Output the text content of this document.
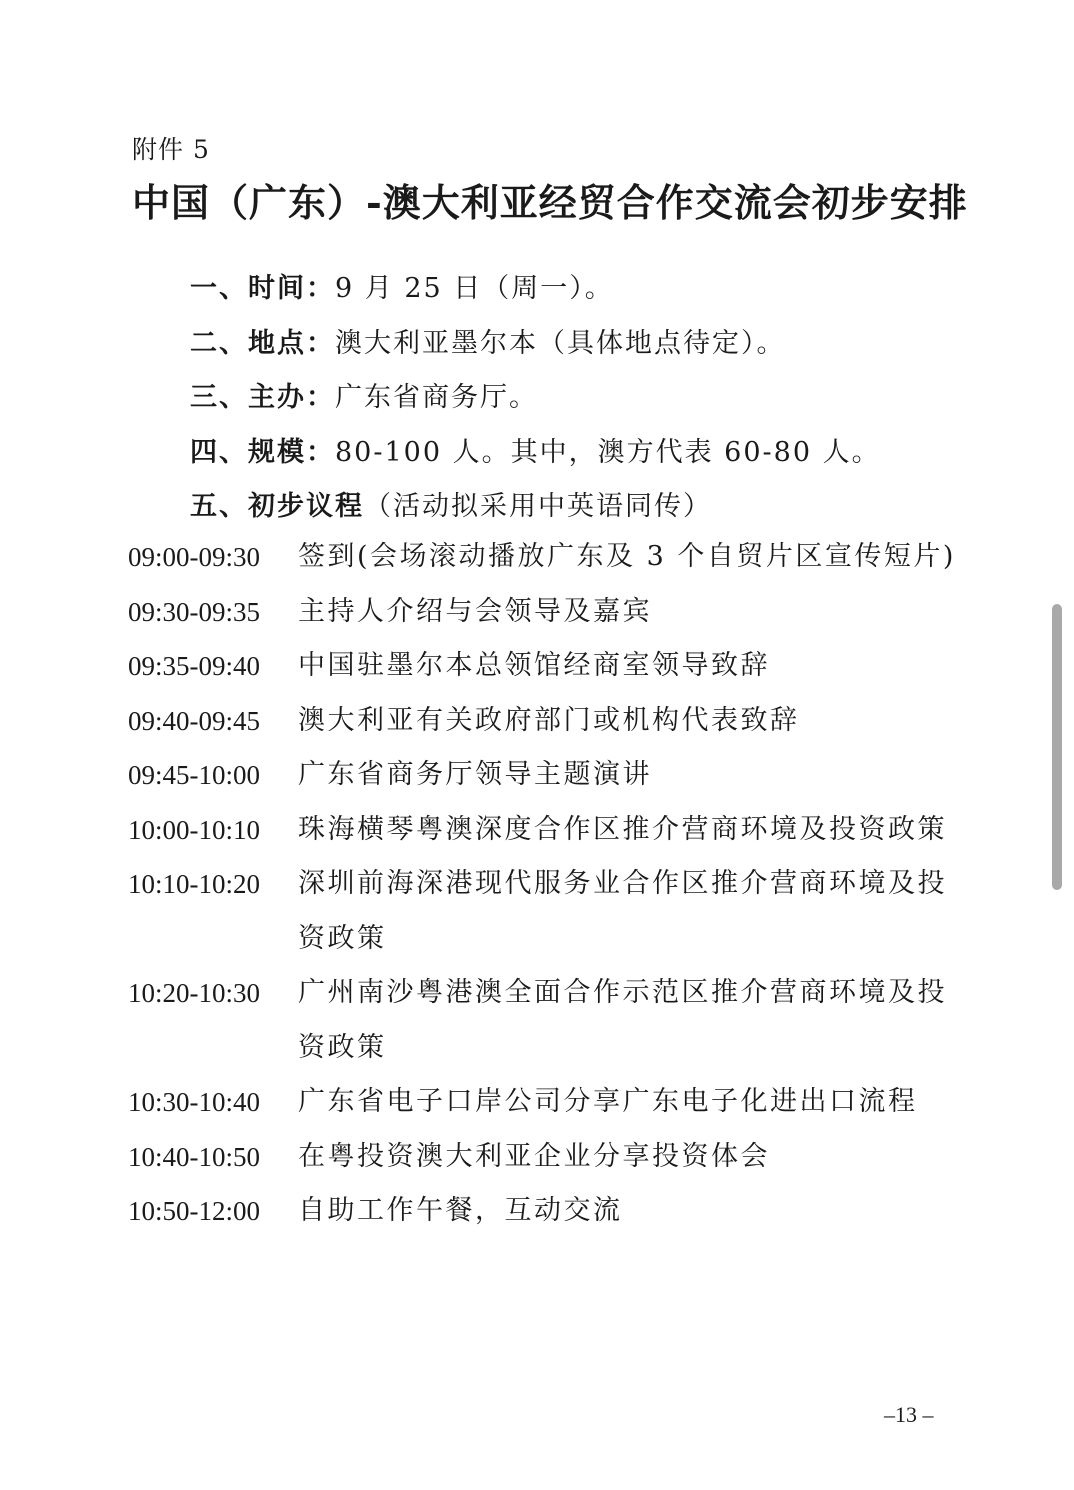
附件 5
中国（广东）-澳大利亚经贸合作交流会初步安排
一、时间：9 月 25 日（周一）。
二、地点：澳大利亚墨尔本（具体地点待定）。
三、主办：广东省商务厅。
四、规模：80-100 人。其中，澳方代表 60-80 人。
五、初步议程（活动拟采用中英语同传）
09:00-09:30	签到(会场滚动播放广东及 3 个自贸片区宣传短片)
09:30-09:35	主持人介绍与会领导及嘉宾
09:35-09:40	中国驻墨尔本总领馆经商室领导致辞
09:40-09:45	澳大利亚有关政府部门或机构代表致辞
09:45-10:00	广东省商务厅领导主题演讲
10:00-10:10	珠海横琴粤澳深度合作区推介营商环境及投资政策
10:10-10:20	深圳前海深港现代服务业合作区推介营商环境及投资政策
10:20-10:30	广州南沙粤港澳全面合作示范区推介营商环境及投资政策
10:30-10:40	广东省电子口岸公司分享广东电子化进出口流程
10:40-10:50	在粤投资澳大利亚企业分享投资体会
10:50-12:00	自助工作午餐，互动交流
–13 –
